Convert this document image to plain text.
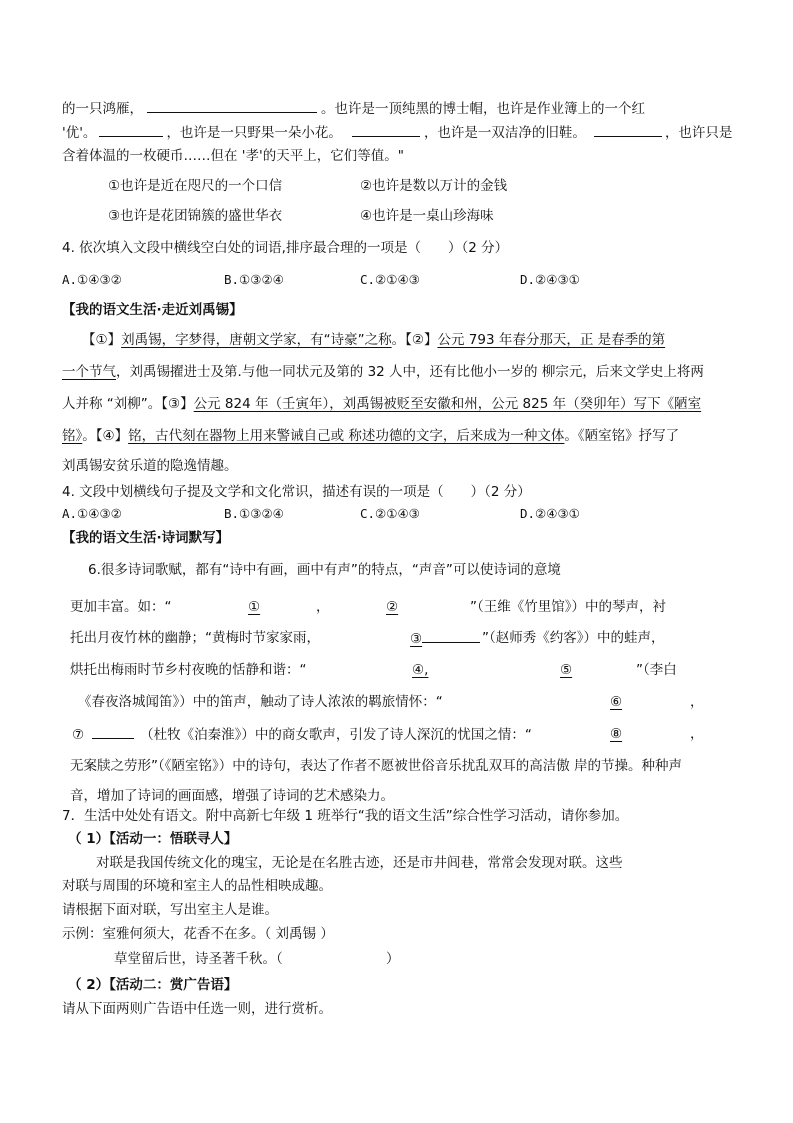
的一只鸿雁，	。也许是一顶纯黑的博士帽，也许是作业簿上的一个红
'优'。	，也许是一只野果一朵小花。	，也许是一双洁净的旧鞋。	，也许只是
含着体温的一枚硬币……但在 '孝'的天平上，它们等值。"
①也许是近在咫尺的一个口信	②也许是数以万计的金钱
③也许是花团锦簇的盛世华衣	④也许是一桌山珍海味
4. 依次填入文段中横线空白处的词语,排序最合理的一项是（　　）（2 分）
A.①④③②	B.①③②④	C.②①④③	D.②④③①
【我的语文生活·走近刘禹锡】
【①】刘禹锡，字梦得，唐朝文学家，有“诗豪”之称。【②】公元 793 年春分那天，正 是春季的第
一个节气，刘禹锡擢进士及第.与他一同状元及第的 32 人中，还有比他小一岁的 柳宗元，后来文学史上将两
人并称 “刘柳”。【③】公元 824 年（壬寅年），刘禹锡被贬至安徽和州，公元 825 年（癸卯年）写下《陋室
铭》。【④】铭，古代刻在器物上用来警诫自己或 称述功德的文字，后来成为一种文体。《陋室铭》抒写了
刘禹锡安贫乐道的隐逸情趣。
4. 文段中划横线句子提及文学和文化常识，描述有误的一项是（　　）（2 分）
A.①④③②	B.①③②④	C.②①④③	D.②④③①
【我的语文生活·诗词默写】
6.很多诗词歌赋，都有“诗中有画，画中有声”的特点，“声音”可以使诗词的意境
更加丰富。如：“	①	，	②	”（王维《竹里馆》）中的琴声，衬
托出月夜竹林的幽静；“黄梅时节家家雨，	③	”（赵师秀《约客》）中的蛙声，
烘托出梅雨时节乡村夜晚的恬静和谐：“	④,	⑤	”（李白
《春夜洛城闻笛》）中的笛声，触动了诗人浓浓的羁旅情怀：“	⑥	，
⑦	（杜牧《泊秦淮》）中的商女歌声，引发了诗人深沉的忧国之情：“	⑧	，
无案牍之劳形”（《陋室铭》）中的诗句，表达了作者不愿被世俗音乐扰乱双耳的高洁傲 岸的节操。种种声
音，增加了诗词的画面感，增强了诗词的艺术感染力。
7．生活中处处有语文。附中高新七年级 1 班举行“我的语文生活”综合性学习活动，请你参加。
（ 1）【活动一：悟联寻人】
对联是我国传统文化的瑰宝，无论是在名胜古迹，还是市井闾巷，常常会发现对联。这些
对联与周围的环境和室主人的品性相映成趣。
请根据下面对联，写出室主人是谁。
示例：室雅何须大，花香不在多。（ 刘禹锡 ）
草堂留后世，诗圣著千秋。（	）
（ 2）【活动二：赏广告语】
请从下面两则广告语中任选一则，进行赏析。
